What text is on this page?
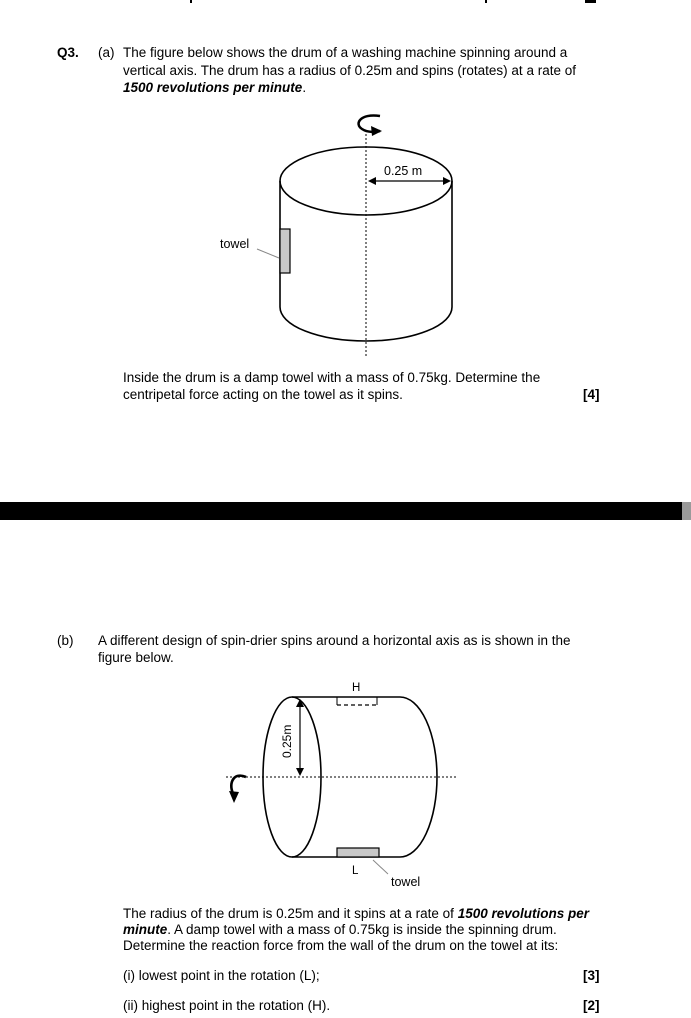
Q3. (a) The figure below shows the drum of a washing machine spinning around a
vertical axis. The drum has a radius of 0.25m and spins (rotates) at a rate of
1500 revolutions per minute.
0.25 m
towel
Inside the drum is a damp towel with a mass of 0.75kg. Determine the
centripetal force acting on the towel as it spins.	[4]
(b) A different design of spin-drier spins around a horizontal axis as is shown in the
figure below.
0.25m
H
L
towel
The radius of the drum is 0.25m and it spins at a rate of 1500 revolutions per
minute. A damp towel with a mass of 0.75kg is inside the spinning drum.
Determine the reaction force from the wall of the drum on the towel at its:
(i) lowest point in the rotation (L);	[3]
(ii) highest point in the rotation (H).	[2]
